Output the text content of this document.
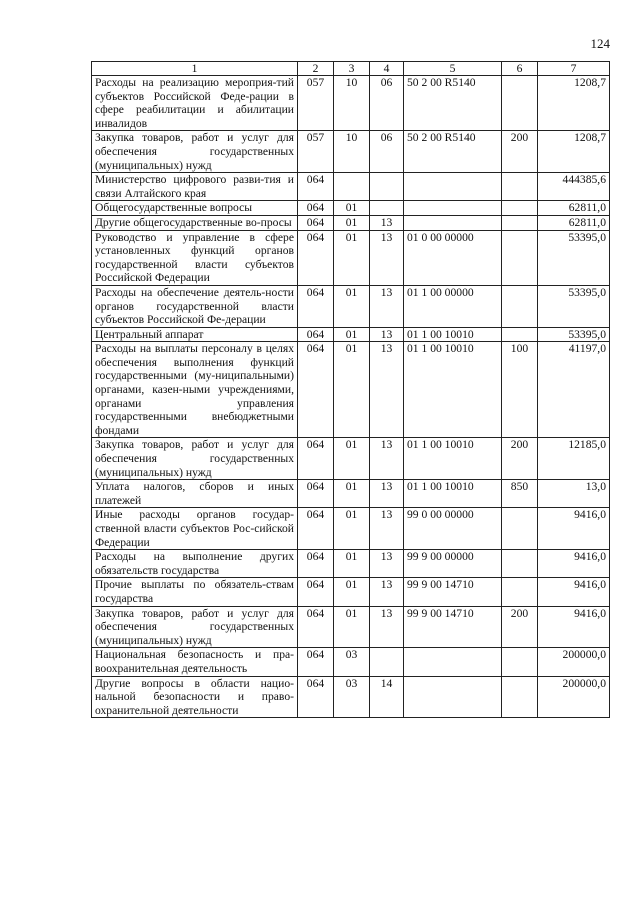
124
1	2	3	4	5	6	7
Расходы на реализацию мероприя-тий субъектов Российской Феде-рации в сфере реабилитации и абилитации инвалидов	057	10	06	50 2 00 R5140		1208,7
Закупка товаров, работ и услуг для обеспечения государственных (муниципальных) нужд	057	10	06	50 2 00 R5140	200	1208,7
Министерство цифрового разви-тия и связи Алтайского края	064					444385,6
Общегосударственные вопросы	064	01				62811,0
Другие общегосударственные во-просы	064	01	13			62811,0
Руководство и управление в сфере установленных функций органов государственной власти субъектов Российской Федерации	064	01	13	01 0 00 00000		53395,0
Расходы на обеспечение деятель-ности органов государственной власти субъектов Российской Фе-дерации	064	01	13	01 1 00 00000		53395,0
Центральный аппарат	064	01	13	01 1 00 10010		53395,0
Расходы на выплаты персоналу в целях обеспечения выполнения функций государственными (му-ниципальными) органами, казен-ными учреждениями, органами управления государственными внебюджетными фондами	064	01	13	01 1 00 10010	100	41197,0
Закупка товаров, работ и услуг для обеспечения государственных (муниципальных) нужд	064	01	13	01 1 00 10010	200	12185,0
Уплата налогов, сборов и иных платежей	064	01	13	01 1 00 10010	850	13,0
Иные расходы органов государ-ственной власти субъектов Рос-сийской Федерации	064	01	13	99 0 00 00000		9416,0
Расходы на выполнение других обязательств государства	064	01	13	99 9 00 00000		9416,0
Прочие выплаты по обязатель-ствам государства	064	01	13	99 9 00 14710		9416,0
Закупка товаров, работ и услуг для обеспечения государственных (муниципальных) нужд	064	01	13	99 9 00 14710	200	9416,0
Национальная безопасность и пра-воохранительная деятельность	064	03				200000,0
Другие вопросы в области нацио-нальной безопасности и право-охранительной деятельности	064	03	14			200000,0
